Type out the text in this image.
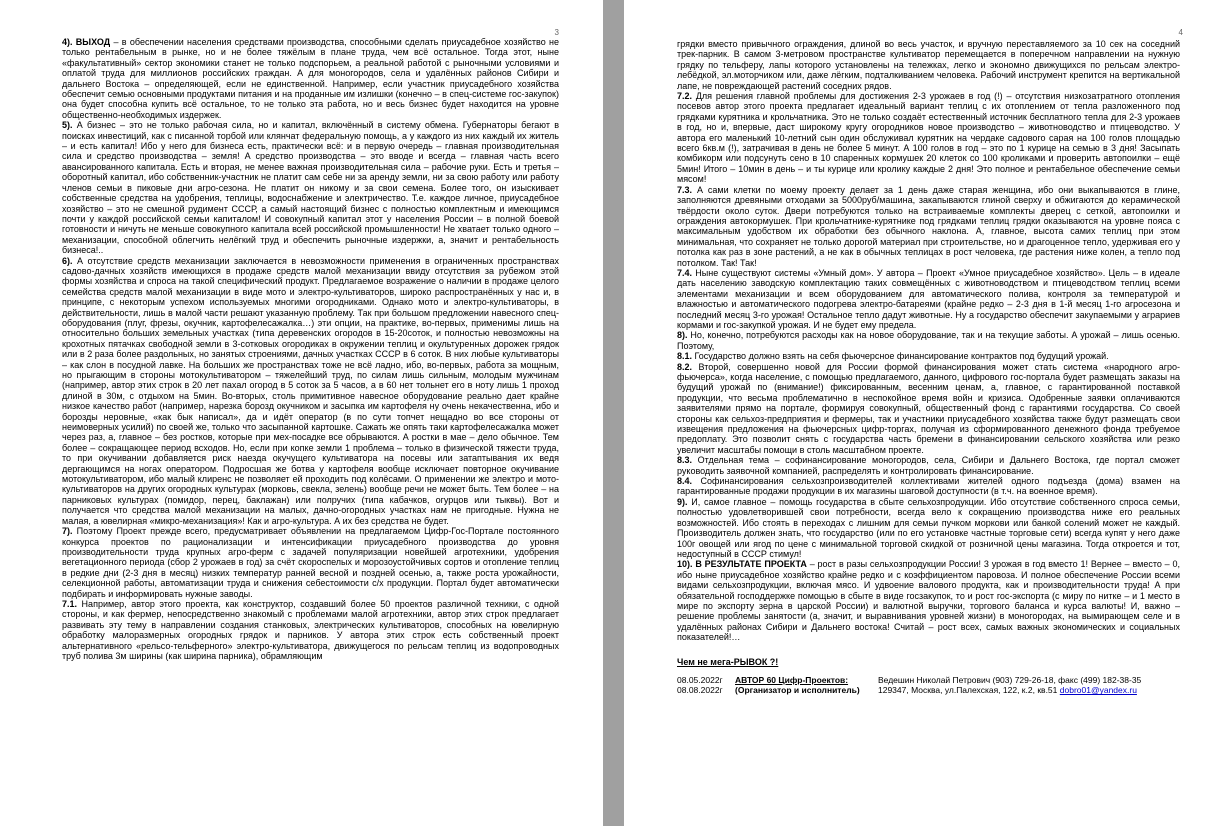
3

4). ВЫХОД – в обеспечении населения средствами производства, способными сделать приусадебное хозяйство не только рентабельным в рынке, но и не более тяжёлым в плане труда, чем всё остальное. Тогда этот, ныне «факультативный» сектор экономики станет не только подспорьем, а реальной работой с рыночными условиями и оплатой труда для миллионов российских граждан. А для моногородов, села и удалённых районов Сибири и дальнего Востока – определяющей, если не единственной. Например, если участник приусадебного хозяйства обеспечит семью основными продуктами питания и на проданные им излишки (конечно – в спец-системе гос-закупок) она будет способна купить всё остальное, то не только эта работа, но и весь бизнес будет находится на уровне общественно-необходимых издержек.

5). А бизнес – это не только рабочая сила, но и капитал, включённый в систему обмена. Губернаторы бегают в поисках инвестиций, как с писанной торбой или клянчат федеральную помощь, а у каждого из них каждый их житель – и есть капитал! Ибо у него для бизнеса есть, практически всё: и в первую очередь – главная производительная сила и средство производства – земля! А средство производства – это вводе и всегда – главная часть всего авансированного капитала. Есть и вторая, не менее важная производительная сила – рабочие руки. Есть и третья – оборотный капитал, ибо собственник-участник не платит сам себе ни за аренду земли, ни за свою работу или работу членов семьи в пиковые дни агро-сезона. Не платит он никому и за свои семена. Более того, он изыскивает собственные средства на удобрения, теплицы, водоснабжение и электричество. Т.е. каждое личное, приусадебное хозяйство – это не смешной рудимент СССР, а самый настоящий бизнес с полностью комплектным и имеющимся почти у каждой российской семьи капиталом! И совокупный капитал этот у населения России – в полной боевой готовности и ничуть не меньше совокупного капитала всей российской промышленности! Не хватает только одного – механизации, способной облегчить нелёгкий труд и обеспечить рыночные издержки, а, значит и рентабельность бизнеса!..

6). А отсутствие средств механизации заключается в невозможности применения в ограниченных пространствах садово-дачных хозяйств имеющихся в продаже средств малой механизации ввиду отсутствия за рубежом этой формы хозяйства и спроса на такой специфический продукт. Предлагаемое возражение о наличии в продаже целого семейства средств малой механизации в виде мото и электро-культиваторов, широко распространённых у нас и, в принципе, с некоторым успехом используемых многими огородниками. Однако мото и электро-культиваторы, в действительности, лишь в малой части решают указанную проблему. Так при большом предложении навесного спец-оборудования (плуг, фрезы, окучник, картофелесажалка…) эти опции, на практике, во-первых, применимы лишь на относительно больших земельных участках (типа деревенских огородов в 15-20соток, и полностью невозможны на крохотных пятачках свободной земли в 3-сотковых огородиках в окружении теплиц и окультуренных дорожек грядок или в 2 раза более раздольных, но занятых строениями, дачных участках СССР в 6 соток. В них любые культиваторы – как слон в посудной лавке. На больших же пространствах тоже не всё ладно, ибо, во-первых, работа за мощным, но прыгающим в стороны мотокультиватором – тяжелейший труд, по силам лишь сильным, молодым мужчинам (например, автор этих строк в 20 лет пахал огород в 5 соток за 5 часов, а в 60 нет тольнет его в ноту лишь 1 проход длиной в 30м, с отдыхом на 5мин. Во-вторых, столь примитивное навесное оборудование реально дает крайне низкое качество работ (например, нарезка борозд окучником и засыпка им картофеля ну очень некачественна, ибо и борозды неровные, «как бык написал», да и идёт оператор (в по сути топчет нещадно во все стороны от неимоверных усилий) по своей же, только что засыпанной картошке. Сажать же опять таки картофелесажалка может через раз, а, главное – без ростков, которые при мех-посадке все обрываются. А ростки в мае – дело обычное. Тем более – сокращающее период всходов. Но, если при копке земли 1 проблема – только в физической тяжести труда, то при окучивании добавляется риск наезда окучущего культиватора на посевы или затаптывания их ведя дергающимся на ногах оператором. Подросшая же ботва у картофеля вообще исключает повторное окучивание мотокультиватором, ибо малый клиренс не позволяет ей проходить под колёсами. О применении же электро и мото-культиваторов на других огородных культурах (морковь, свекла, зелень) вообще речи не может быть. Тем более – на парниковых культурах (помидор, перец, баклажан) или полручих (типа кабачков, огурцов или тыквы). Вот и получается что средства малой механизации на малых, дачно-огородных участках нам не пригодные. Нужна не малая, а ювелирная «микро-механизация»! Как и агро-культура. А их без средства не будет.

7). Поэтому Проект прежде всего, предусматривает объявлении на предлагаемом Цифр-Гос-Портале постоянного конкурса проектов по рационализации и интенсификации приусадебного производства до уровня производительности труда крупных агро-ферм с задачей популяризации новейшей агротехники, удобрения вегетационного периода (сбор 2 урожаев в год) за счёт скороспелых и морозоустойчивых сортов и отопление теплиц в редкие дни (2-3 дня в месяц) низких температур ранней весной и поздней осенью, а, также роста урожайности, селекционной работы, автоматизации труда и снижения себестоимости с/х продукции. Портал будет автоматически подбирать и информировать нужные заводы.

7.1. Например, автор этого проекта, как конструктор, создавший более 50 проектов различной техники, с одной стороны, и как фермер, непосредственно знакомый с проблемами малой агротехники, автор этих строк предлагает развивать эту тему в направлении создания станковых, электрических культиваторов, способных на ювелирную обработку малоразмерных огородных грядок и парников. У автора этих строк есть собственный проект альтернативного «рельсо-тельферного» электро-культиватора, движущегося по рельсам теплиц из водопроводных труб полива 3м ширины (как ширина парника), обрамляющим

4

грядки вместо привычного ограждения, длиной во весь участок, и вручную переставляемого за 10 сек на соседний трек-парник. В самом 3-метровом пространстве культиватор перемещается в поперечном направлении на нужную грядку по тельферу, лапы которого установлены на тележках, легко и экономно движущихся по рельсам электро-лебёдкой, эл.моторчиком или, даже лёгким, подталкиванием человека. Рабочий инструмент крепится на вертикальной лапе, не повреждающей растений соседних рядов.

7.2. Для решения главной проблемы для достижения 2-3 урожаев в год (!) – отсутствия низкозатратного отопления посевов автор этого проекта предлагает идеальный вариант теплиц с их отоплением от тепла разложенного под грядками курятника и крольчатника. Это не только создаёт естественный источник бесплатного тепла для 2-3 урожаев в год, но и, впервые, даст широкому кругу огородников новое производство – животноводство и птицеводство. У автора его маленький 10-летний сын один обслуживал курятник на чердаке садового сарая на 100 голов площадью всего 6кв.м (!), затрачивая в день не более 5 минут. А 100 голов в год – это по 1 курице на семью в 3 дня! Засыпать комбикорм или подсунуть сено в 10 спаренных кормушек 20 клеток со 100 кроликами и проверить автопоилки – ещё 5мин! Итого – 10мин в день – и ты курице или кролику каждые 2 дня! Это полное и рентабельное обеспечение семьи мясом!

7.3. А сами клетки по моему проекту делает за 1 день даже старая женщина, ибо они выкапываются в глине, заполняются древяными отходами за 5000руб/машина, закапываются глиной сверху и обжигаются до керамической твёрдости около суток. Двери потребуются только на встраиваемые комплекты дверец с сеткой, автопоилки и ограждения автокормушек. При крольчатнике-курятнике под грядками теплиц грядки оказываются на уровне пояса с максимальным удобством их обработки без обычного наклона. А, главное, высота самих теплиц при этом минимальная, что сохраняет не только дорогой материал при строительстве, но и драгоценное тепло, удерживая его у потолка как раз в зоне растений, а не как в обычных теплицах в рост человека, где растения ниже колен, а тепло под потолком. Так! Так!

7.4. Ныне существуют системы «Умный дом». У автора – Проект «Умное приусадебное хозяйство». Цель – в идеале дать населению заводскую комплектацию таких совмещённых с животноводством и птицеводством теплиц всеми элементами механизации и всем оборудованием для автоматического полива, контроля за температурой и влажностью и автоматического подогрева электро-батареями (крайне редко – 2-3 дня в 1-й месяц 1-го агросезона и последний месяц 3-го урожая! Остальное тепло дадут животные. Ну а государство обеспечит закупаемыми у аграриев кормами и гос-закупкой урожая. И не будет ему предела.

8). Но, конечно, потребуются расходы как на новое оборудование, так и на текущие заботы. А урожай – лишь осенью. Поэтому,

8.1. Государство должно взять на себя фьючерсное финансирование контрактов под будущий урожай.

8.2. Второй, совершенно новой для России формой финансирования может стать система «народного агро-фьючерса», когда население, с помощью предлагаемого, данного, цифрового гос-портала будет размещать заказы на будущий урожай по (внимание!) фиксированным, весенним ценам, а, главное, с гарантированной поставкой продукции, что весьма проблематично в неспокойное время войн и кризиса. Одобренные заявки оплачиваются заявителями прямо на портале, формируя совокупный, общественный фонд с гарантиями государства. Со своей стороны как сельхоз-предприятия и фермеры, так и участники приусадебного хозяйства также будут размещать свои извещения предложения на фьючерсных цифр-торгах, получая из сформированного денежного фонда требуемое предоплату. Это позволит снять с государства часть бремени в финансировании сельского хозяйства или резко увеличит масштабы помощи в столь масштабном проекте.

8.3. Отдельная тема – софинансирование моногородов, села, Сибири и Дальнего Востока, где портал сможет руководить заявочной компанией, распределять и контролировать финансирование.

8.4. Софинансирования сельхозпроизводителей коллективами жителей одного подъезда (дома) взамен на гарантированные продажи продукции в их магазины шаговой доступности (в т.ч. на военное время).

9). И, самое главное – помощь государства в сбыте сельхозпродукции. Ибо отсутствие собственного спроса семьи, полностью удовлетворившей свои потребности, всегда вело к сокращению производства ниже его реальных возможностей. Ибо стоять в переходах с лишним для семьи пучком моркови или банкой солений может не каждый. Производитель должен знать, что государство (или по его установке частные торговые сети) всегда купят у него даже 100г овощей или ягод по цене с минимальной торговой скидкой от розничной цены магазина. Тогда откроется и тот, недоступный в СССР стимул!

10). В РЕЗУЛЬТАТЕ ПРОЕКТА – рост в разы сельхозпродукции России! 3 урожая в год вместо 1! Вернее – вместо – 0, ибо ныне приусадебное хозяйство крайне редко и с коэффициентом паровоза. И полное обеспечение России всеми видами сельхозпродукции, включая мясо. И удвоение валового продукта, как и производительности труда! А при обязательной господдержке помощью в сбыте в виде госзакупок, то и рост гос-экспорта (с миру по нитке – и 1 место в мире по экспорту зерна в царской России) и валютной выручки, торгового баланса и курса валюты! И, важно – решение проблемы занятости (а, значит, и выравнивания уровней жизни) в моногородах, на вымирающем селе и в удалённых районах Сибири и Дальнего востока! Считай – рост всех, самых важных экономических и социальных показателей!…

Чем не мега-РЫВОК ?!
08.05.2022г	АВТОР 60 Цифр-Проектов:	Ведешин Николай Петрович (903) 729-26-18, факс (499) 182-38-35
08.08.2022г	(Организатор и исполнитель)	129347, Москва, ул.Палехская, 122, к.2, кв.51 dobro01@yandex.ru
